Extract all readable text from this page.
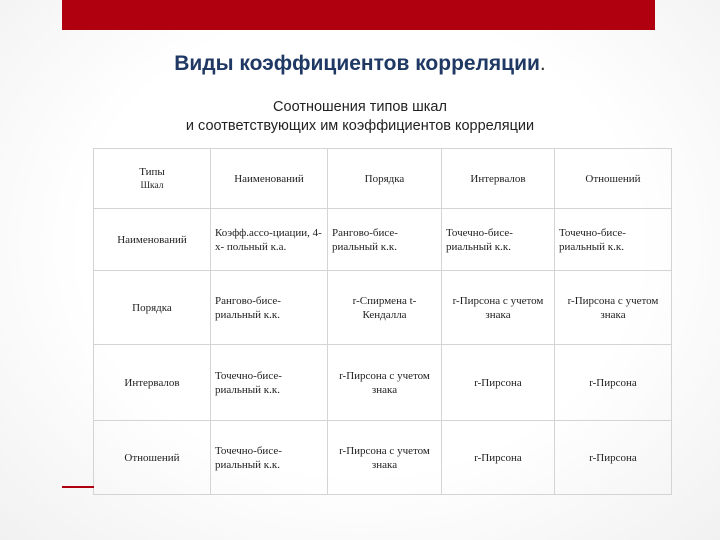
Виды коэффициентов корреляции.
Соотношения типов шкал
и соответствующих им коэффициентов корреляции
Типы
Шкал	Наименований	Порядка	Интервалов	Отношений
Наименований	Коэфф.ассо-циации, 4-х- польный к.а.	Рангово-бисе-риальный к.к.	Точечно-бисе-риальный к.к.	Точечно-бисе-риальный к.к.
Порядка	Рангово-бисе-риальный к.к.	r-Спирмена t-Кендалла	r-Пирсона с учетом знака	r-Пирсона с учетом знака
Интервалов	Точечно-бисе-риальный к.к.	r-Пирсона с учетом знака	r-Пирсона	r-Пирсона
Отношений	Точечно-бисе-риальный к.к.	r-Пирсона с учетом знака	r-Пирсона	r-Пирсона
